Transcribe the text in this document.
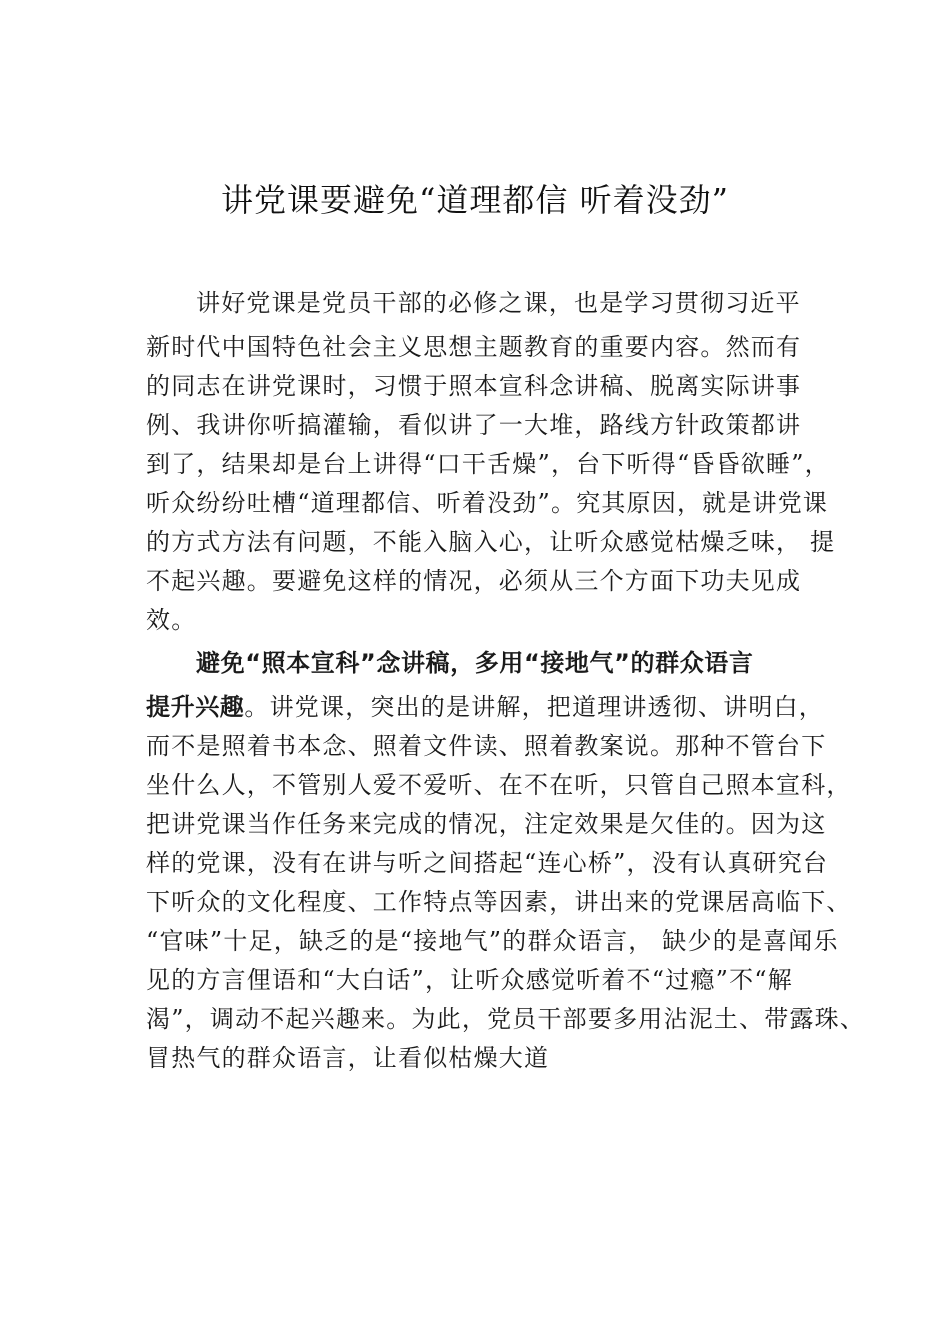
讲党课要避免“道理都信 听着没劲”
讲好党课是党员干部的必修之课，也是学习贯彻习近平
新时代中国特色社会主义思想主题教育的重要内容。然而有
的同志在讲党课时，习惯于照本宣科念讲稿、脱离实际讲事
例、我讲你听搞灌输，看似讲了一大堆，路线方针政策都讲
到了，结果却是台上讲得“口干舌燥”，台下听得“昏昏欲睡”，
听众纷纷吐槽“道理都信、听着没劲”。究其原因，就是讲党课
的方式方法有问题，不能入脑入心，让听众感觉枯燥乏味， 提
不起兴趣。要避免这样的情况，必须从三个方面下功夫见成
效。
避免“照本宣科”念讲稿，多用“接地气”的群众语言
提升兴趣。讲党课，突出的是讲解，把道理讲透彻、讲明白，
而不是照着书本念、照着文件读、照着教案说。那种不管台下
坐什么人，不管别人爱不爱听、在不在听，只管自己照本宣科，
把讲党课当作任务来完成的情况，注定效果是欠佳的。因为这
样的党课，没有在讲与听之间搭起“连心桥”，没有认真研究台
下听众的文化程度、工作特点等因素，讲出来的党课居高临下、
“官味”十足，缺乏的是“接地气”的群众语言， 缺少的是喜闻乐
见的方言俚语和“大白话”，让听众感觉听着不“过瘾”不“解
渴”，调动不起兴趣来。为此，党员干部要多用沾泥土、带露珠、
冒热气的群众语言，让看似枯燥大道
